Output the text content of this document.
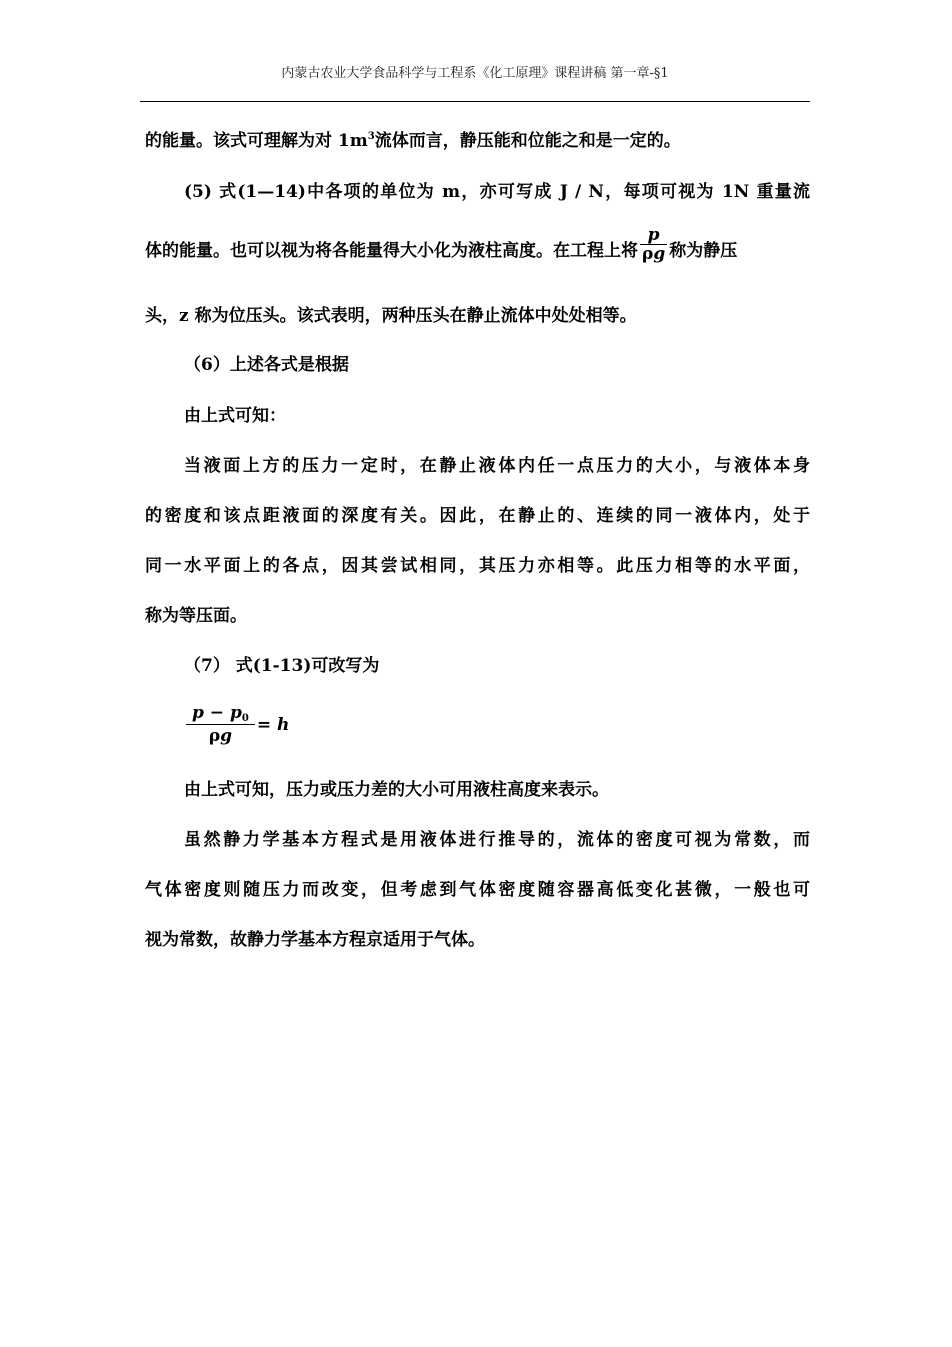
内蒙古农业大学食品科学与工程系《化工原理》课程讲稿 第一章-§1
的能量。该式可理解为对 $1m^3$流体而言，静压能和位能之和是一定的。
(5) 式(1—14)中各项的单位为 m，亦可写成 J / N，每项可视为 1N 重量流
体的能量。也可以视为将各能量得大小化为液柱高度。在工程上将 $\frac{p}{\rho g}$ 称为静压
头，z 称为位压头。该式表明，两种压头在静止流体中处处相等。
（6）上述各式是根据
由上式可知：
当液面上方的压力一定时，在静止液体内任一点压力的大小，与液体本身
的密度和该点距液面的深度有关。因此，在静止的、连续的同一液体内，处于
同一水平面上的各点，因其尝试相同，其压力亦相等。此压力相等的水平面，
称为等压面。
（7） 式(1-13)可改写为
$\frac{p - p_0}{\rho g} = h$
由上式可知，压力或压力差的大小可用液柱高度来表示。
虽然静力学基本方程式是用液体进行推导的，流体的密度可视为常数，而
气体密度则随压力而改变，但考虑到气体密度随容器高低变化甚微，一般也可
视为常数，故静力学基本方程京适用于气体。
